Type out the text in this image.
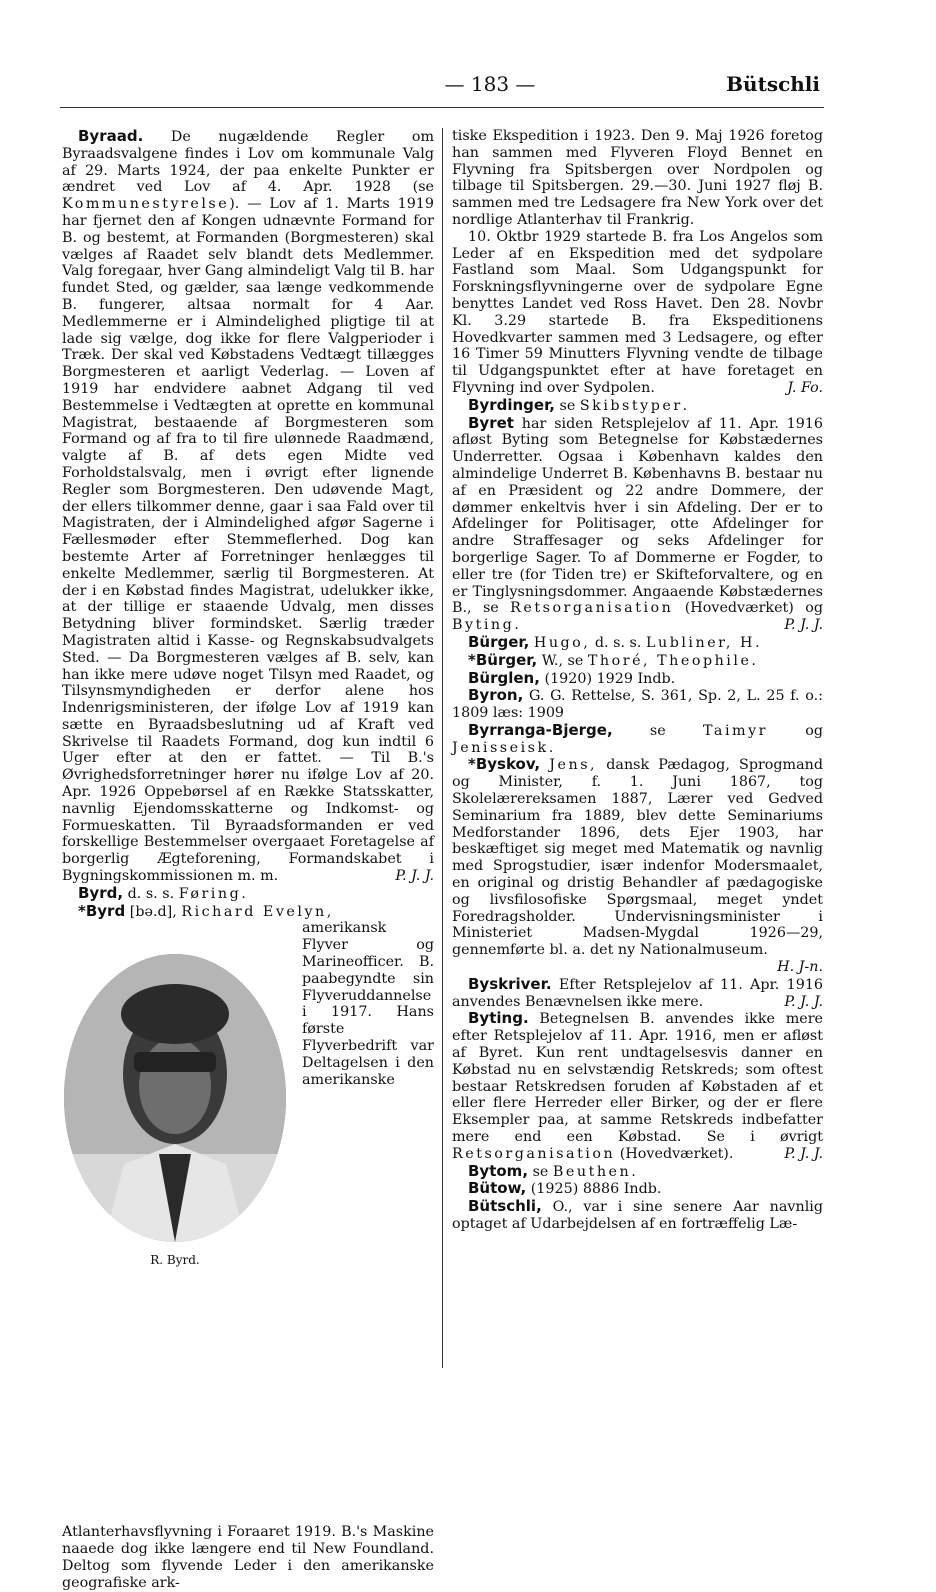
— 183 —	Bütschli

Byraad. De nugældende Regler om Byraadsvalgene findes i Lov om kommunale Valg af 29. Marts 1924, der paa enkelte Punkter er ændret ved Lov af 4. Apr. 1928 (se Kommunestyrelse). — Lov af 1. Marts 1919 har fjernet den af Kongen udnævnte Formand for B. og bestemt, at Formanden (Borgmesteren) skal vælges af Raadet selv blandt dets Medlemmer. Valg foregaar, hver Gang almindeligt Valg til B. har fundet Sted, og gælder, saa længe vedkommende B. fungerer, altsaa normalt for 4 Aar. Medlemmerne er i Almindelighed pligtige til at lade sig vælge, dog ikke for flere Valgperioder i Træk. Der skal ved Købstadens Vedtægt tillægges Borgmesteren et aarligt Vederlag. — Loven af 1919 har endvidere aabnet Adgang til ved Bestemmelse i Vedtægten at oprette en kommunal Magistrat, bestaaende af Borgmesteren som Formand og af fra to til fire ulønnede Raadmænd, valgte af B. af dets egen Midte ved Forholdstalsvalg, men i øvrigt efter lignende Regler som Borgmesteren. Den udøvende Magt, der ellers tilkommer denne, gaar i saa Fald over til Magistraten, der i Almindelighed afgør Sagerne i Fællesmøder efter Stemmeflerhed. Dog kan bestemte Arter af Forretninger henlægges til enkelte Medlemmer, særlig til Borgmesteren. At der i en Købstad findes Magistrat, udelukker ikke, at der tillige er staaende Udvalg, men disses Betydning bliver formindsket. Særlig træder Magistraten altid i Kasse- og Regnskabsudvalgets Sted. — Da Borgmesteren vælges af B. selv, kan han ikke mere udøve noget Tilsyn med Raadet, og Tilsynsmyndigheden er derfor alene hos Indenrigsministeren, der ifølge Lov af 1919 kan sætte en Byraadsbeslutning ud af Kraft ved Skrivelse til Raadets Formand, dog kun indtil 6 Uger efter at den er fattet. — Til B.'s Øvrighedsforretninger hører nu ifølge Lov af 20. Apr. 1926 Oppebørsel af en Række Statsskatter, navnlig Ejendomsskatterne og Indkomst- og Formueskatten. Til Byraadsformanden er ved forskellige Bestemmelser overgaaet Foretagelse af borgerlig Ægteforening, Formandskabet i Bygningskommissionen m. m.	P. J. J.

Byrd, d. s. s. Føring.

*Byrd [bə.d], Richard Evelyn,

R. Byrd.

amerikansk Flyver og Marineofficer. B. paabegyndte sin Flyveruddannelse i 1917. Hans første Flyverbedrift var Deltagelsen i den amerikanske Atlanterhavsflyvning i Foraaret 1919. B.'s Maskine naaede dog ikke længere end til New Foundland. Deltog som flyvende Leder i den amerikanske geografiske ark-

tiske Ekspedition i 1923. Den 9. Maj 1926 foretog han sammen med Flyveren Floyd Bennet en Flyvning fra Spitsbergen over Nordpolen og tilbage til Spitsbergen. 29.—30. Juni 1927 fløj B. sammen med tre Ledsagere fra New York over det nordlige Atlanterhav til Frankrig.

10. Oktbr 1929 startede B. fra Los Angelos som Leder af en Ekspedition med det sydpolare Fastland som Maal. Som Udgangspunkt for Forskningsflyvningerne over de sydpolare Egne benyttes Landet ved Ross Havet. Den 28. Novbr Kl. 3.29 startede B. fra Ekspeditionens Hovedkvarter sammen med 3 Ledsagere, og efter 16 Timer 59 Minutters Flyvning vendte de tilbage til Udgangspunktet efter at have foretaget en Flyvning ind over Sydpolen.	J. Fo.

Byrdinger, se Skibstyper.

Byret har siden Retsplejelov af 11. Apr. 1916 afløst Byting som Betegnelse for Købstædernes Underretter. Ogsaa i København kaldes den almindelige Underret B. Københavns B. bestaar nu af en Præsident og 22 andre Dommere, der dømmer enkeltvis hver i sin Afdeling. Der er to Afdelinger for Politisager, otte Afdelinger for andre Straffesager og seks Afdelinger for borgerlige Sager. To af Dommerne er Fogder, to eller tre (for Tiden tre) er Skifteforvaltere, og en er Tinglysningsdommer. Angaaende Købstædernes B., se Retsorganisation (Hovedværket) og Byting.	P. J. J.

Bürger, Hugo, d. s. s. Lubliner, H.

*Bürger, W., se Thoré, Theophile.

Bürglen, (1920) 1929 Indb.

Byron, G. G. Rettelse, S. 361, Sp. 2, L. 25 f. o.: 1809 læs: 1909

Byrranga-Bjerge,	se	Taimyr	og Jenisseisk.

*Byskov, Jens, dansk Pædagog, Sprogmand og Minister, f. 1. Juni 1867, tog Skolelærereksamen 1887, Lærer ved Gedved Seminarium fra 1889, blev dette Seminariums Medforstander 1896, dets Ejer 1903, har beskæftiget sig meget med Matematik og navnlig med Sprogstudier, især indenfor Modersmaalet, en original og dristig Behandler af pædagogiske og livsfilosofiske Spørgsmaal, meget yndet Foredragsholder. Undervisningsminister i Ministeriet Madsen-Mygdal 1926—29, gennemførte bl. a. det ny Nationalmuseum.
H. J-n.

Byskriver. Efter Retsplejelov af 11. Apr. 1916 anvendes Benævnelsen ikke mere.	P. J. J.

Byting. Betegnelsen B. anvendes ikke mere efter Retsplejelov af 11. Apr. 1916, men er afløst af Byret. Kun rent undtagelsesvis danner en Købstad nu en selvstændig Retskreds; som oftest bestaar Retskredsen foruden af Købstaden af et eller flere Herreder eller Birker, og der er flere Eksempler paa, at samme Retskreds indbefatter mere end een Købstad. Se i øvrigt Retsorganisation (Hovedværket).	P. J. J.

Bytom, se Beuthen.

Bütow, (1925) 8886 Indb.

Bütschli, O., var i sine senere Aar navnlig optaget af Udarbejdelsen af en fortræffelig Læ-
